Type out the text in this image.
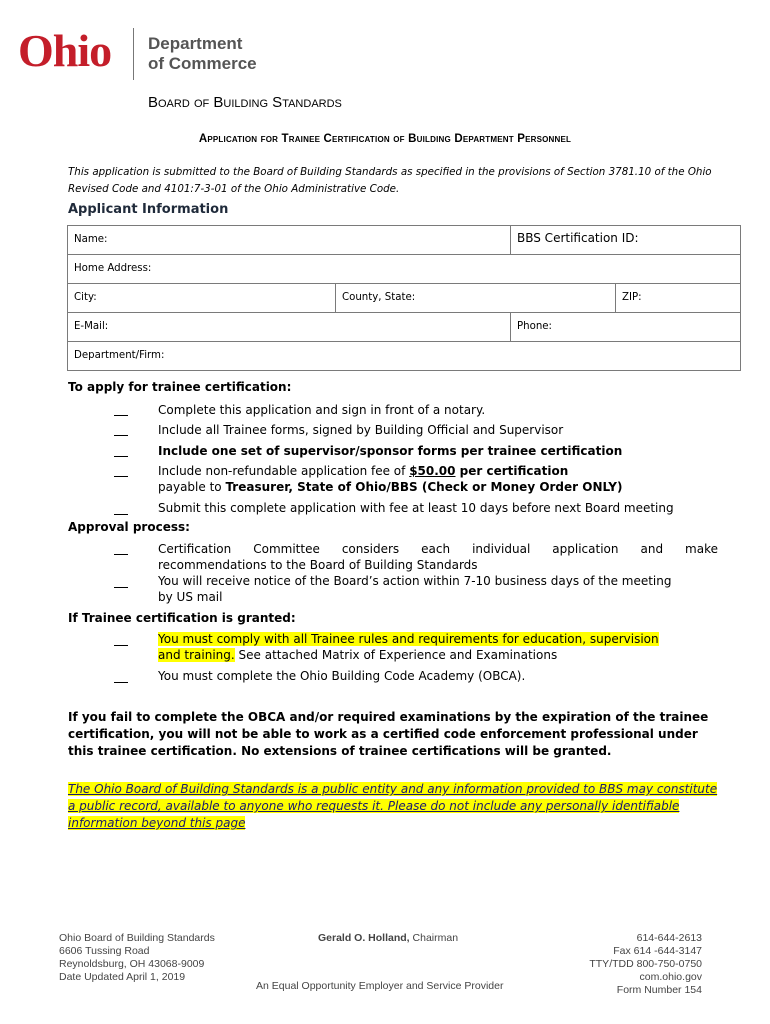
Ohio Department
of Commerce
Board of Building Standards
Application for Trainee Certification of Building Department Personnel
This application is submitted to the Board of Building Standards as specified in the provisions of Section 3781.10 of the Ohio Revised Code and 4101:7-3-01 of the Ohio Administrative Code.
Applicant Information
Name:	BBS Certification ID:
Home Address:
City:	County, State:	ZIP:
E-Mail:	Phone:
Department/Firm:
To apply for trainee certification:
Complete this application and sign in front of a notary.
Include all Trainee forms, signed by Building Official and Supervisor
Include one set of supervisor/sponsor forms per trainee certification
Include non-refundable application fee of $50.00 per certification
payable to Treasurer, State of Ohio/BBS (Check or Money Order ONLY)
Submit this complete application with fee at least 10 days before next Board meeting
Approval process:
Certification Committee considers each individual application and make
recommendations to the Board of Building Standards
You will receive notice of the Board’s action within 7-10 business days of the meeting
by US mail
If Trainee certification is granted:
You must comply with all Trainee rules and requirements for education, supervision
and training. See attached Matrix of Experience and Examinations
You must complete the Ohio Building Code Academy (OBCA).
If you fail to complete the OBCA and/or required examinations by the expiration of the trainee certification, you will not be able to work as a certified code enforcement professional under this trainee certification. No extensions of trainee certifications will be granted.
The Ohio Board of Building Standards is a public entity and any information provided to BBS may constitute a public record, available to anyone who requests it. Please do not include any personally identifiable information beyond this page
Ohio Board of Building Standards
6606 Tussing Road
Reynoldsburg, OH 43068-9009
Date Updated April 1, 2019
Gerald O. Holland, Chairman
An Equal Opportunity Employer and Service Provider
614-644-2613
Fax 614 -644-3147
TTY/TDD 800-750-0750
com.ohio.gov
Form Number 154
